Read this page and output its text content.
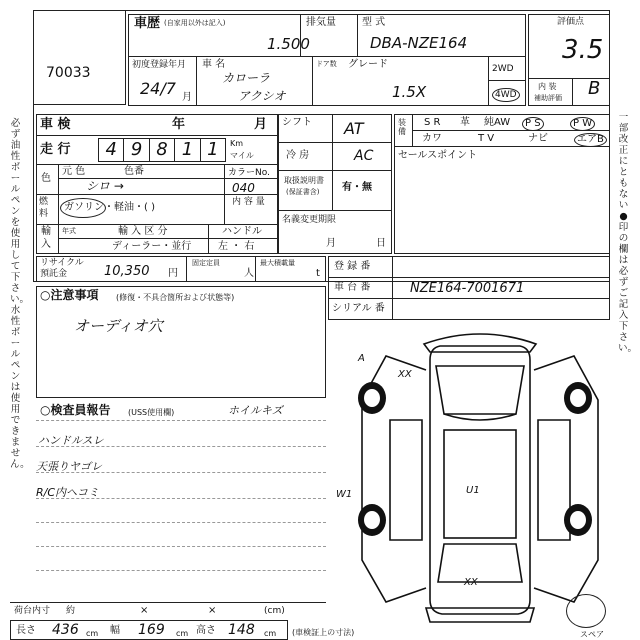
70033
車歴 (自家用以外は記入)	排気量
1.500
型 式
DBA-NZE164
初度登録年月
24/7 月
車 名
カローラ
アクシオ
ドア数 グレード
1.5X
2WD
4WD
評価点
3.5
内 装
補助評価 B
車 検	年	月
走 行	4 9 8 1 1	Km
マイル
元 色	色番
色
シロ →
カラーNo.
040
燃 料
ガソリン・軽油・( )	内 容 量
輸
入
年式	輸 入 区 分	ハンドル
ディーラー・並行	左 ・ 右
シフト AT
冷 房	AC
取扱説明書
(保証書含) 有・無
名義変更期限
月	日
装備
S R 革 純AW	P S	P W
カワ	T V	ナビ	エアB
セールスポイント
リサイクル
預託金	10,350 円
固定定員
人
最大積載量
t
登 録 番
車 台 番	NZE164-7001671
シリアル 番
○注意事項 (修復・不具合箇所および状態等)
オーディオ穴
○検査員報告 (USS使用欄)	ホイルキズ
ハンドルスレ
天張りヤゴレ
R/C内ヘコミ
必ず油性ボールペンを使用して下さい。 水性ボールペンは使用できません。
一部改正にともない●印の欄は必ずご記入下さい。
A
XX
W1	U1
XX
荷台内寸 約	×	×	(cm)
長さ 436 cm 幅 169 cm 高さ 148 cm (車検証上の寸法)	スペア
